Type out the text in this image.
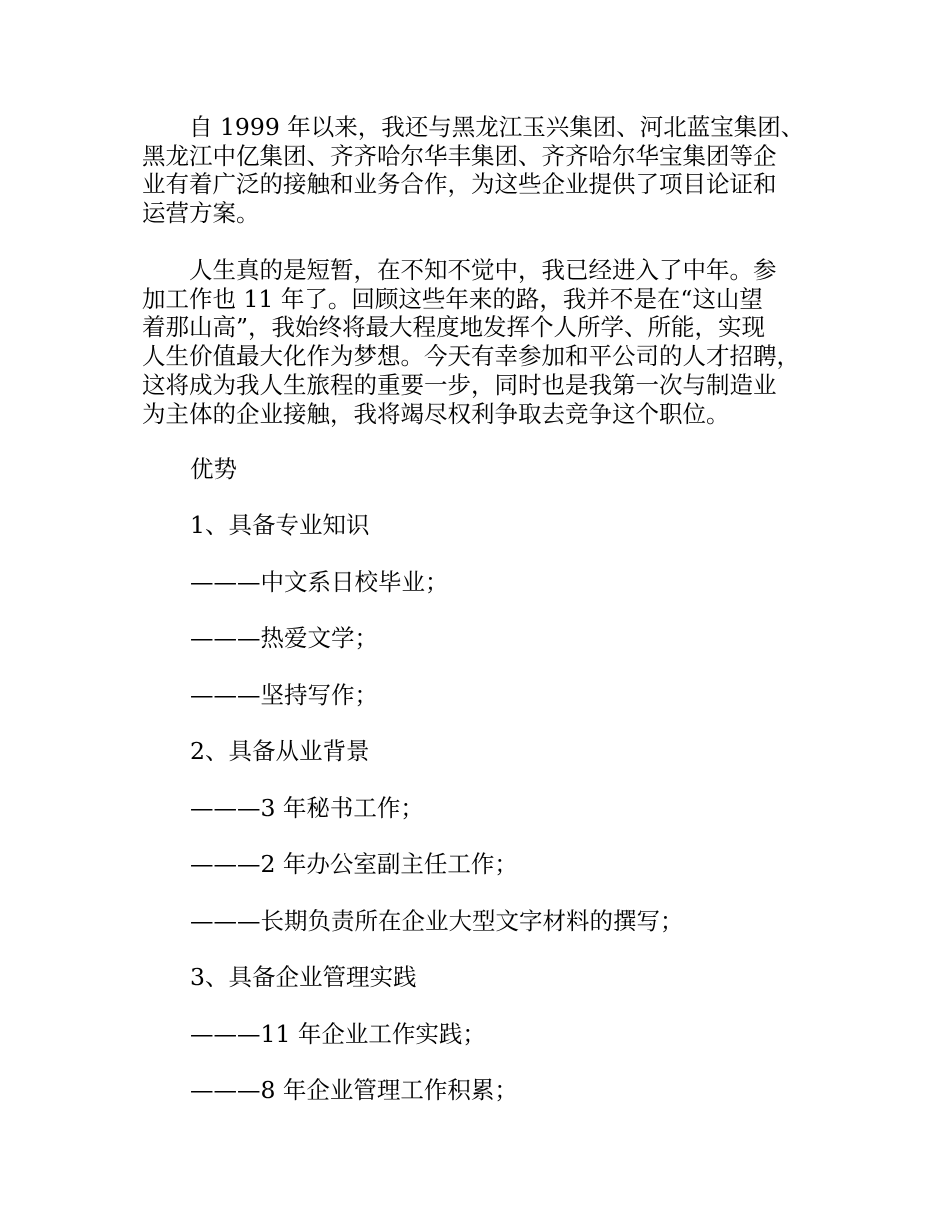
　　自 1999 年以来，我还与黑龙江玉兴集团、河北蓝宝集团、
黑龙江中亿集团、齐齐哈尔华丰集团、齐齐哈尔华宝集团等企
业有着广泛的接触和业务合作，为这些企业提供了项目论证和
运营方案。

　　人生真的是短暂，在不知不觉中，我已经进入了中年。参
加工作也 11 年了。回顾这些年来的路，我并不是在“这山望
着那山高”，我始终将最大程度地发挥个人所学、所能，实现
人生价值最大化作为梦想。今天有幸参加和平公司的人才招聘，
这将成为我人生旅程的重要一步，同时也是我第一次与制造业
为主体的企业接触，我将竭尽权利争取去竞争这个职位。

优势

1、具备专业知识

———中文系日校毕业；

———热爱文学；

———坚持写作；

2、具备从业背景

———3 年秘书工作；

———2 年办公室副主任工作；

———长期负责所在企业大型文字材料的撰写；

3、具备企业管理实践

———11 年企业工作实践；

———8 年企业管理工作积累；
